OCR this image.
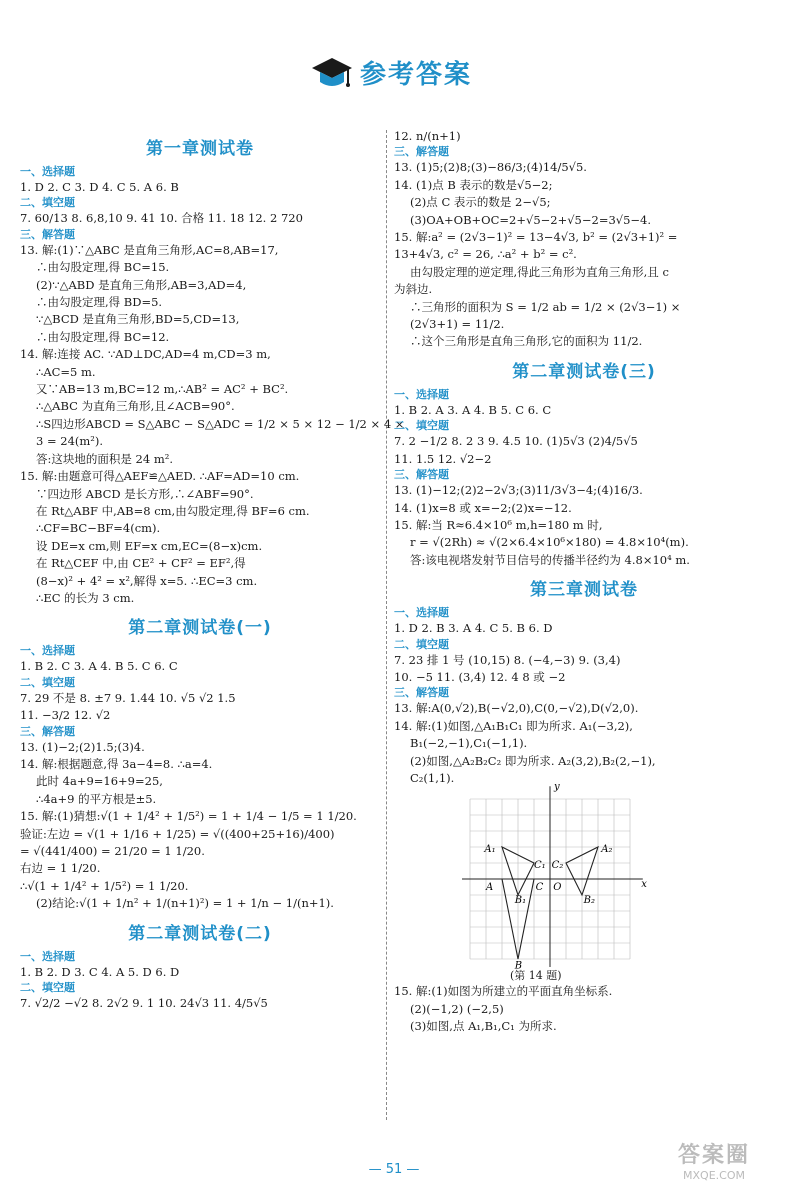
参考答案
第一章测试卷
一、选择题
1. D 2. C 3. D 4. C 5. A 6. B
二、填空题
7. 60/13 8. 6,8,10 9. 41 10. 合格 11. 18 12. 2 720
三、解答题
13. 解:(1)∵△ABC 是直角三角形,AC=8,AB=17,
∴由勾股定理,得 BC=15.
(2)∵△ABD 是直角三角形,AB=3,AD=4,
∴由勾股定理,得 BD=5.
∵△BCD 是直角三角形,BD=5,CD=13,
∴由勾股定理,得 BC=12.
14. 解:连接 AC. ∵AD⊥DC,AD=4 m,CD=3 m,
∴AC=5 m.
又∵AB=13 m,BC=12 m,∴AB² = AC² + BC².
∴△ABC 为直角三角形,且∠ACB=90°.
∴S四边形ABCD = S△ABC − S△ADC = 1/2 × 5 × 12 − 1/2 × 4 ×
3 = 24(m²).
答:这块地的面积是 24 m².
15. 解:由题意可得△AEF≌△AED. ∴AF=AD=10 cm.
∵四边形 ABCD 是长方形,∴∠ABF=90°.
在 Rt△ABF 中,AB=8 cm,由勾股定理,得 BF=6 cm.
∴CF=BC−BF=4(cm).
设 DE=x cm,则 EF=x cm,EC=(8−x)cm.
在 Rt△CEF 中,由 CE² + CF² = EF²,得
(8−x)² + 4² = x²,解得 x=5. ∴EC=3 cm.
∴EC 的长为 3 cm.
第二章测试卷(一)
一、选择题
1. B 2. C 3. A 4. B 5. C 6. C
二、填空题
7. 29 不是 8. ±7 9. 1.44 10. √5 √2 1.5
11. −3/2 12. √2
三、解答题
13. (1)−2;(2)1.5;(3)4.
14. 解:根据题意,得 3a−4=8. ∴a=4.
此时 4a+9=16+9=25,
∴4a+9 的平方根是±5.
15. 解:(1)猜想:√(1 + 1/4² + 1/5²) = 1 + 1/4 − 1/5 = 1 1/20.
验证:左边 = √(1 + 1/16 + 1/25) = √((400+25+16)/400)
= √(441/400) = 21/20 = 1 1/20.
右边 = 1 1/20.
∴√(1 + 1/4² + 1/5²) = 1 1/20.
(2)结论:√(1 + 1/n² + 1/(n+1)²) = 1 + 1/n − 1/(n+1).
第二章测试卷(二)
一、选择题
1. B 2. D 3. C 4. A 5. D 6. D
二、填空题
7. √2/2 −√2 8. 2√2 9. 1 10. 24√3 11. 4/5√5
12. n/(n+1)
三、解答题
13. (1)5;(2)8;(3)−86/3;(4)14/5√5.
14. (1)点 B 表示的数是√5−2;
(2)点 C 表示的数是 2−√5;
(3)OA+OB+OC=2+√5−2+√5−2=3√5−4.
15. 解:a² = (2√3−1)² = 13−4√3, b² = (2√3+1)² =
13+4√3, c² = 26, ∴a² + b² = c².
由勾股定理的逆定理,得此三角形为直角三角形,且 c
为斜边.
∴三角形的面积为 S = 1/2 ab = 1/2 × (2√3−1) ×
(2√3+1) = 11/2.
∴这个三角形是直角三角形,它的面积为 11/2.
第二章测试卷(三)
一、选择题
1. B 2. A 3. A 4. B 5. C 6. C
二、填空题
7. 2 −1/2 8. 2 3 9. 4.5 10. (1)5√3 (2)4/5√5
11. 1.5 12. √2−2
三、解答题
13. (1)−12;(2)2−2√3;(3)11/3√3−4;(4)16/3.
14. (1)x=8 或 x=−2;(2)x=−12.
15. 解:当 R≈6.4×10⁶ m,h=180 m 时,
r = √(2Rh) ≈ √(2×6.4×10⁶×180) = 4.8×10⁴(m).
答:该电视塔发射节目信号的传播半径约为 4.8×10⁴ m.
第三章测试卷
一、选择题
1. D 2. B 3. A 4. C 5. B 6. D
二、填空题
7. 23 排 1 号 (10,15) 8. (−4,−3) 9. (3,4)
10. −5 11. (3,4) 12. 4 8 或 −2
三、解答题
13. 解:A(0,√2),B(−√2,0),C(0,−√2),D(√2,0).
14. 解:(1)如图,△A₁B₁C₁ 即为所求. A₁(−3,2),
B₁(−2,−1),C₁(−1,1).
(2)如图,△A₂B₂C₂ 即为所求. A₂(3,2),B₂(2,−1),
C₂(1,1).
y
x
O
A₁	A₂
C₁ C₂
A
B₁	B₂
C
B
(第 14 题)
15. 解:(1)如图为所建立的平面直角坐标系.
(2)(−1,2) (−2,5)
(3)如图,点 A₁,B₁,C₁ 为所求.
— 51 —
答案圈
MXQE.COM
